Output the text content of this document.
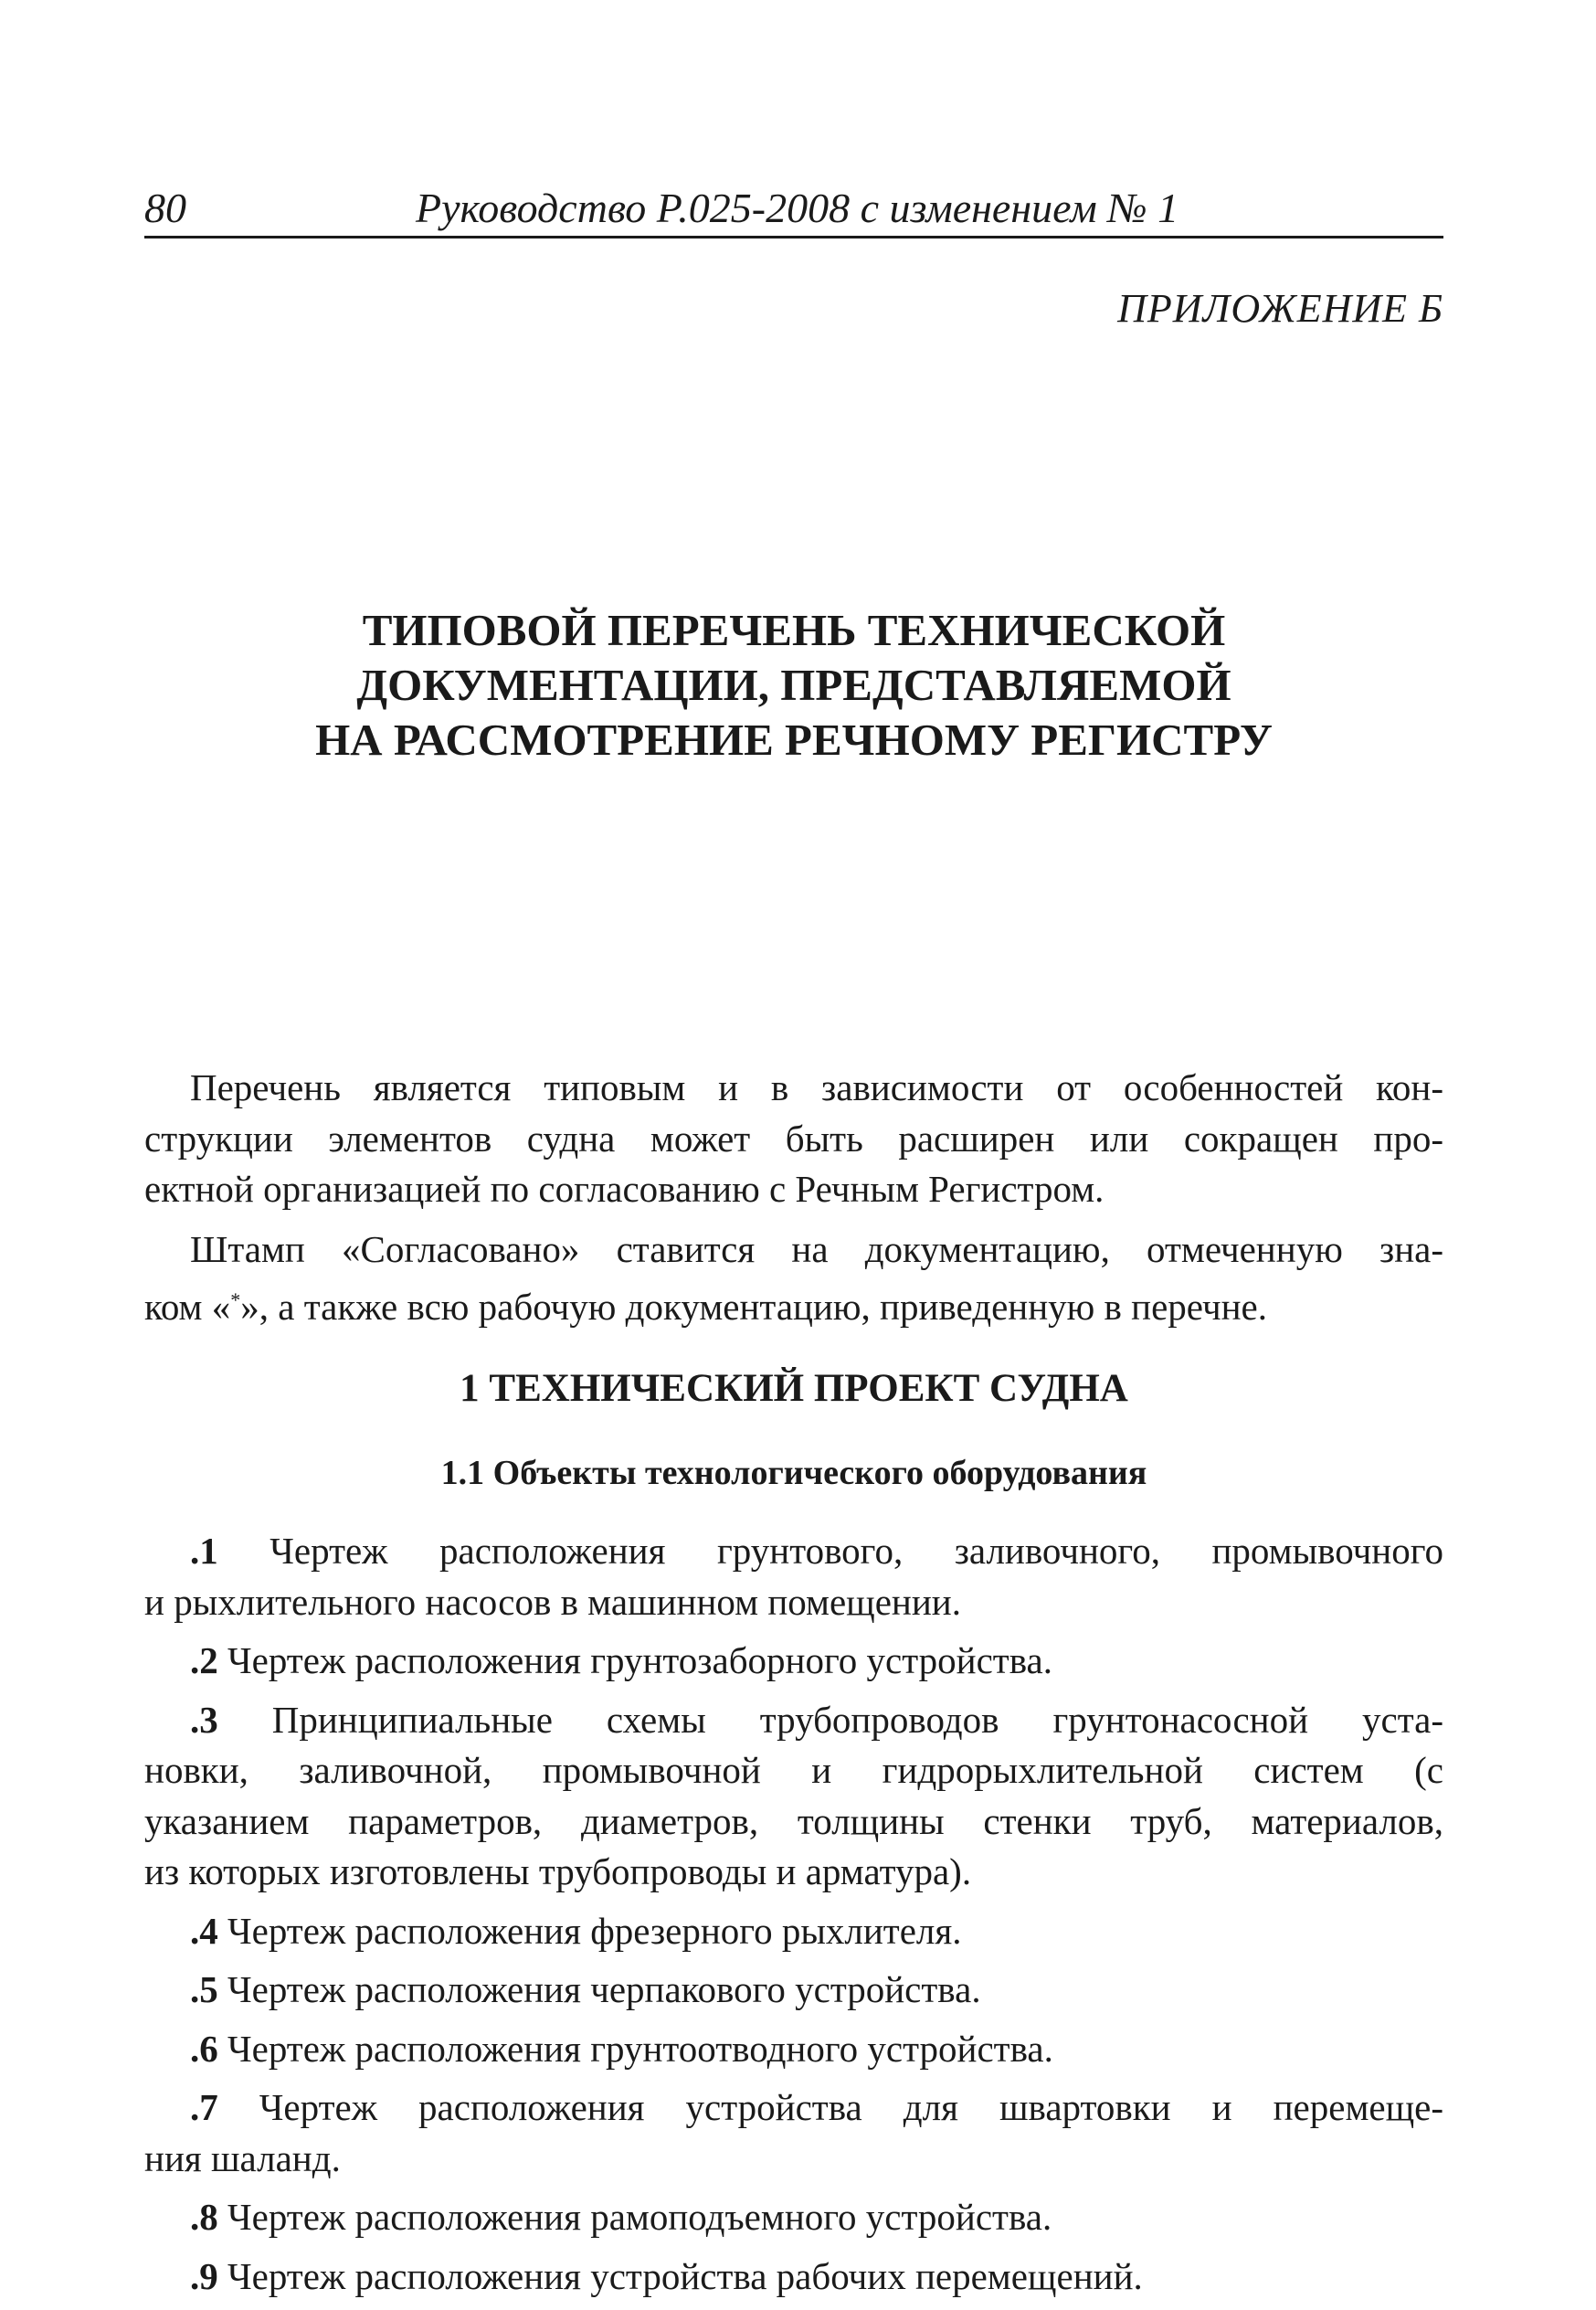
80	Руководство Р.025-2008 с изменением № 1
ПРИЛОЖЕНИЕ Б
ТИПОВОЙ ПЕРЕЧЕНЬ ТЕХНИЧЕСКОЙ
ДОКУМЕНТАЦИИ, ПРЕДСТАВЛЯЕМОЙ
НА РАССМОТРЕНИЕ РЕЧНОМУ РЕГИСТРУ
Перечень является типовым и в зависимости от особенностей кон-
струкции элементов судна может быть расширен или сокращен про-
ектной организацией по согласованию с Речным Регистром.
Штамп «Согласовано» ставится на документацию, отмеченную зна-
ком «*», а также всю рабочую документацию, приведенную в перечне.
1 ТЕХНИЧЕСКИЙ ПРОЕКТ СУДНА
1.1 Объекты технологического оборудования
.1 Чертеж расположения грунтового, заливочного, промывочного
и рыхлительного насосов в машинном помещении.
.2 Чертеж расположения грунтозаборного устройства.
.3 Принципиальные схемы трубопроводов грунтонасосной уста-
новки, заливочной, промывочной и гидрорыхлительной систем (с
указанием параметров, диаметров, толщины стенки труб, материалов,
из которых изготовлены трубопроводы и арматура).
.4 Чертеж расположения фрезерного рыхлителя.
.5 Чертеж расположения черпакового устройства.
.6 Чертеж расположения грунтоотводного устройства.
.7 Чертеж расположения устройства для швартовки и перемеще-
ния шаланд.
.8 Чертеж расположения рамоподъемного устройства.
.9 Чертеж расположения устройства рабочих перемещений.
